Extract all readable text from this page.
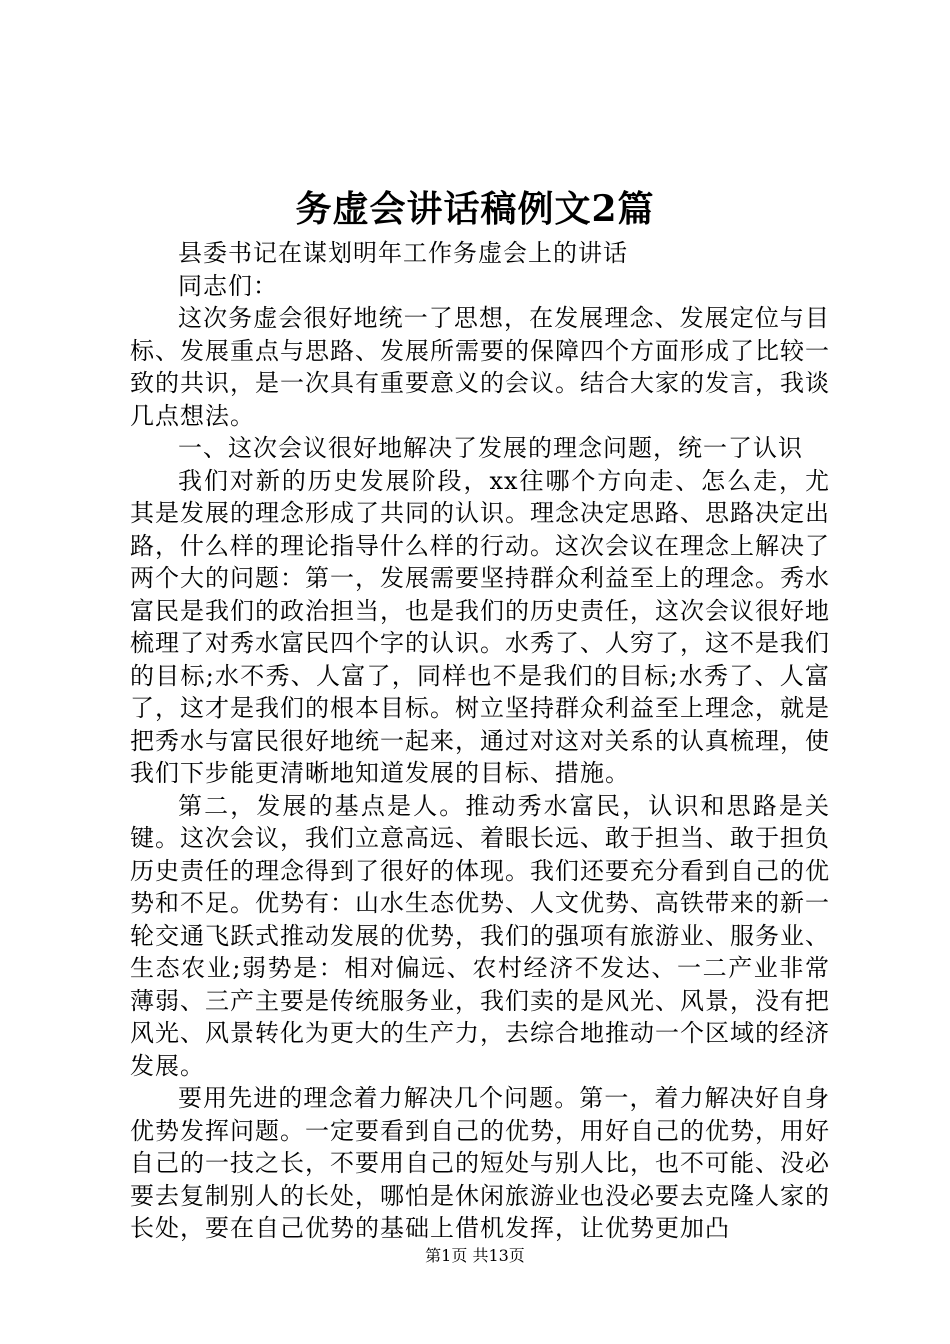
务虚会讲话稿例文2篇

县委书记在谋划明年工作务虚会上的讲话

同志们：

这次务虚会很好地统一了思想，在发展理念、发展定位与目标、发展重点与思路、发展所需要的保障四个方面形成了比较一致的共识，是一次具有重要意义的会议。结合大家的发言，我谈几点想法。

一、这次会议很好地解决了发展的理念问题，统一了认识

我们对新的历史发展阶段，xx往哪个方向走、怎么走，尤其是发展的理念形成了共同的认识。理念决定思路、思路决定出路，什么样的理论指导什么样的行动。这次会议在理念上解决了两个大的问题：第一，发展需要坚持群众利益至上的理念。秀水富民是我们的政治担当，也是我们的历史责任，这次会议很好地梳理了对秀水富民四个字的认识。水秀了、人穷了，这不是我们的目标;水不秀、人富了，同样也不是我们的目标;水秀了、人富了，这才是我们的根本目标。树立坚持群众利益至上理念，就是把秀水与富民很好地统一起来，通过对这对关系的认真梳理，使我们下步能更清晰地知道发展的目标、措施。

第二，发展的基点是人。推动秀水富民，认识和思路是关键。这次会议，我们立意高远、着眼长远、敢于担当、敢于担负历史责任的理念得到了很好的体现。我们还要充分看到自己的优势和不足。优势有：山水生态优势、人文优势、高铁带来的新一轮交通飞跃式推动发展的优势，我们的强项有旅游业、服务业、生态农业;弱势是：相对偏远、农村经济不发达、一二产业非常薄弱、三产主要是传统服务业，我们卖的是风光、风景，没有把风光、风景转化为更大的生产力，去综合地推动一个区域的经济发展。

要用先进的理念着力解决几个问题。第一，着力解决好自身优势发挥问题。一定要看到自己的优势，用好自己的优势，用好自己的一技之长，不要用自己的短处与别人比，也不可能、没必要去复制别人的长处，哪怕是休闲旅游业也没必要去克隆人家的长处，要在自己优势的基础上借机发挥，让优势更加凸

第1页 共13页
